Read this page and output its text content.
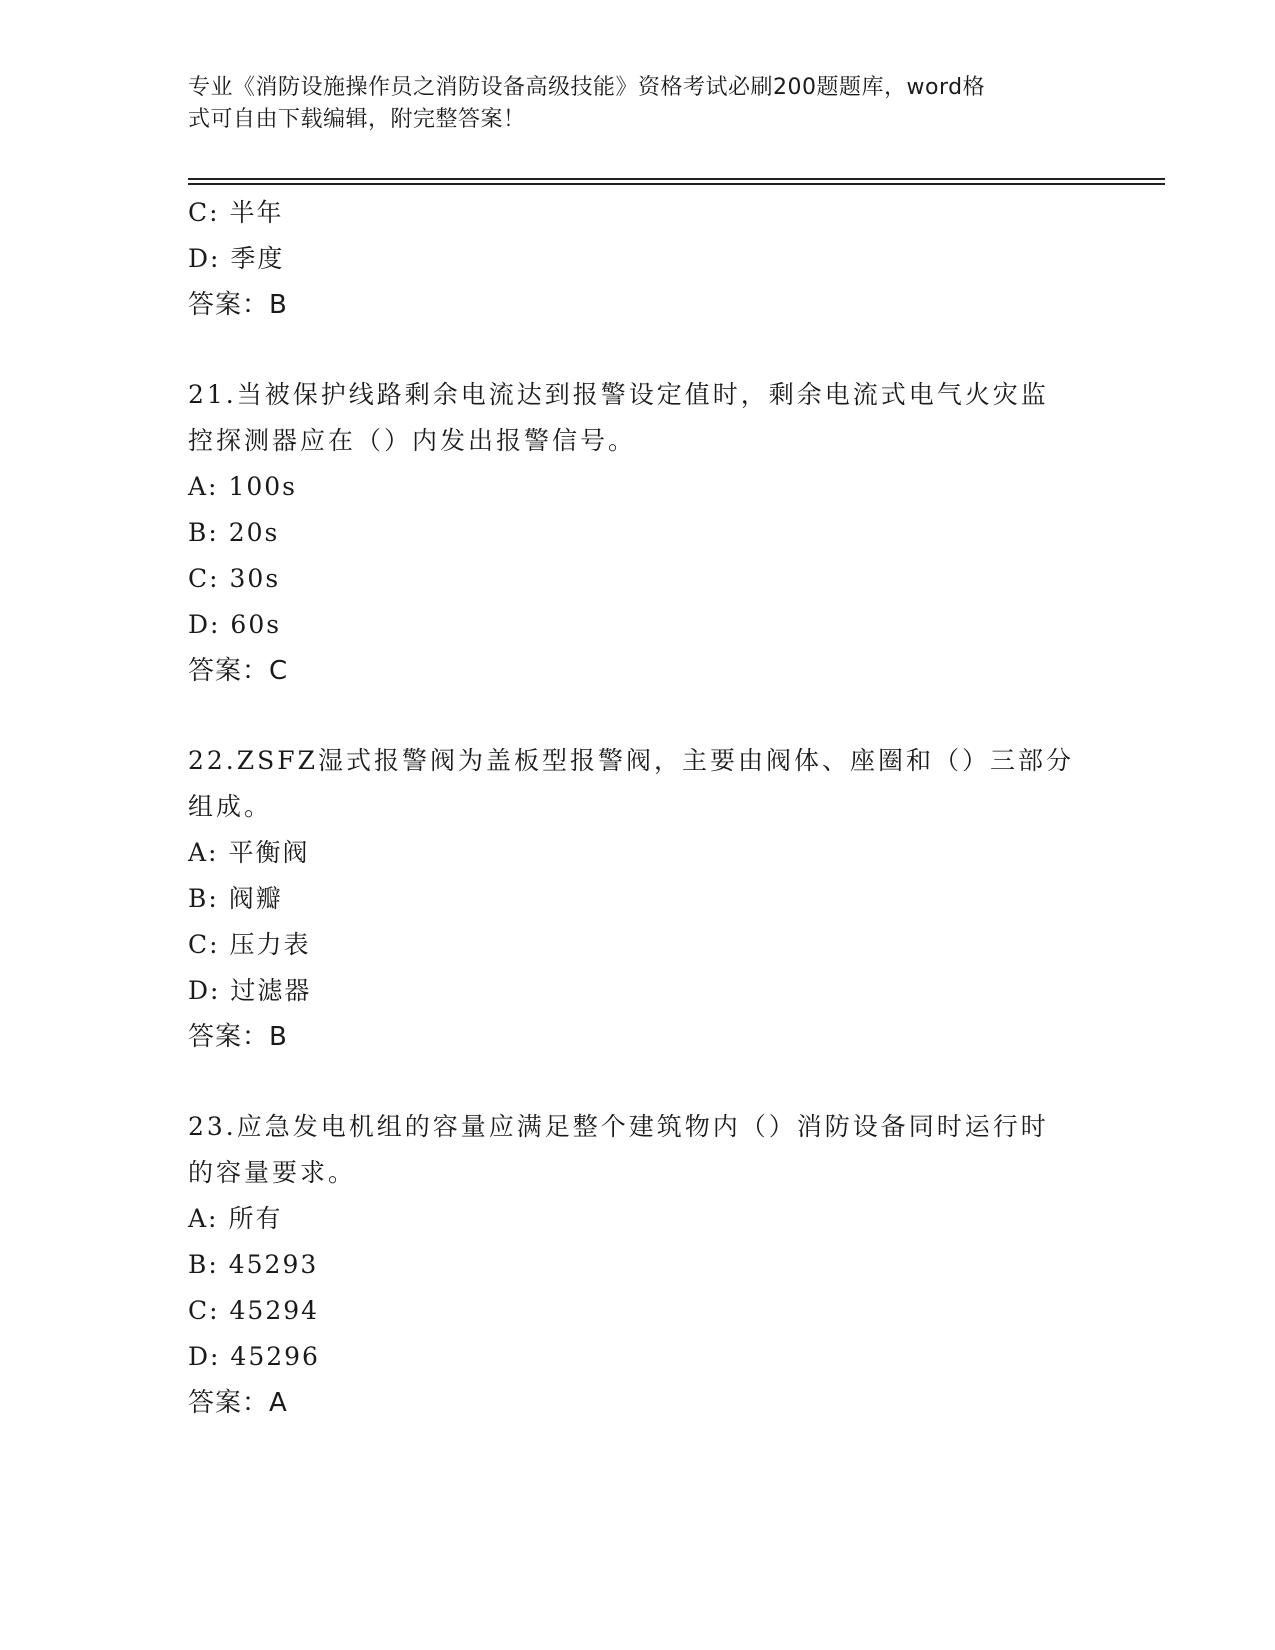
专业《消防设施操作员之消防设备高级技能》资格考试必刷200题题库，word格
式可自由下载编辑，附完整答案！
C: 半年
D: 季度
答案：B
21.当被保护线路剩余电流达到报警设定值时，剩余电流式电气火灾监
控探测器应在（）内发出报警信号。
A: 100s
B: 20s
C: 30s
D: 60s
答案：C
22.ZSFZ湿式报警阀为盖板型报警阀，主要由阀体、座圈和（）三部分
组成。
A: 平衡阀
B: 阀瓣
C: 压力表
D: 过滤器
答案：B
23.应急发电机组的容量应满足整个建筑物内（）消防设备同时运行时
的容量要求。
A: 所有
B: 45293
C: 45294
D: 45296
答案：A
